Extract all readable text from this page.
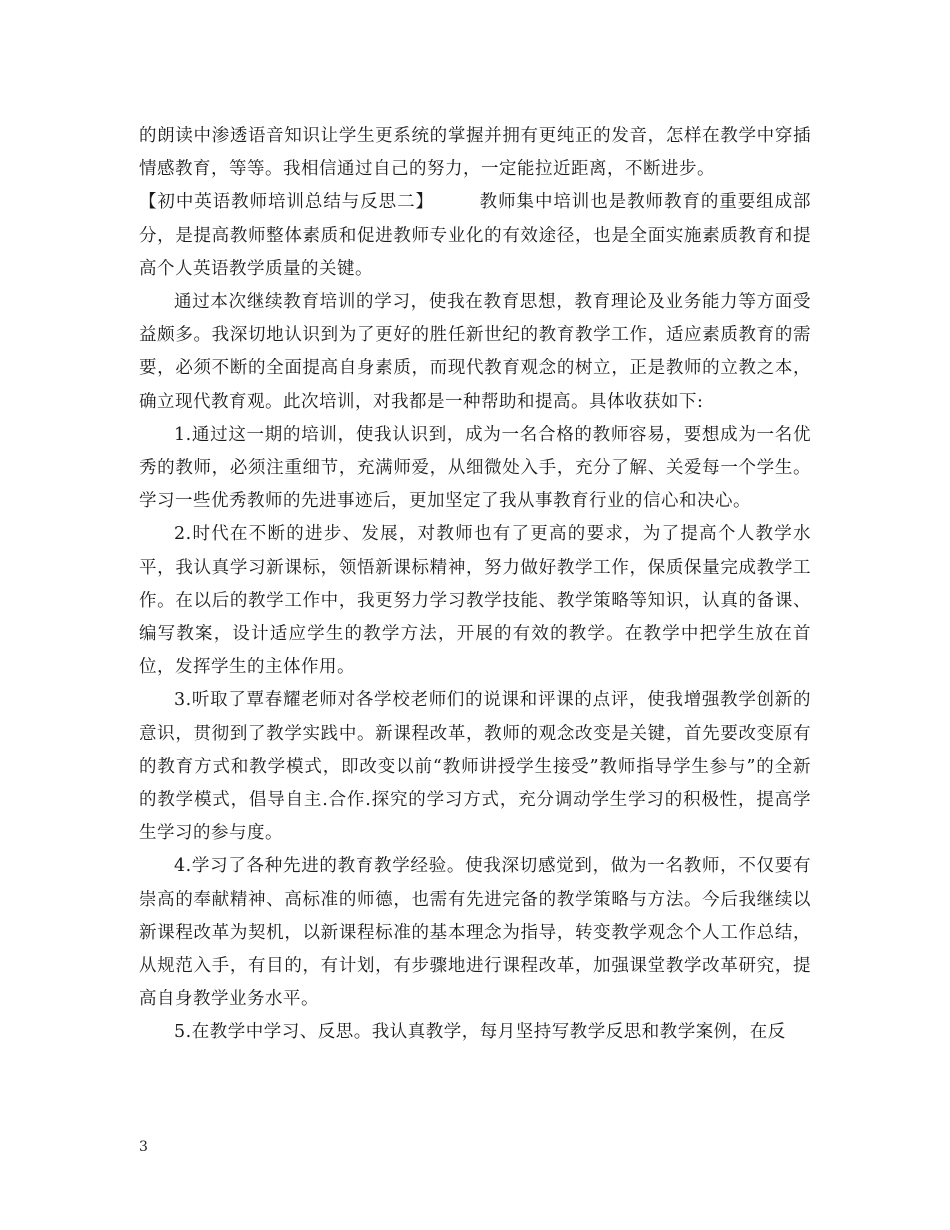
的朗读中渗透语音知识让学生更系统的掌握并拥有更纯正的发音，怎样在教学中穿插情感教育，等等。我相信通过自己的努力，一定能拉近距离，不断进步。

【初中英语教师培训总结与反思二】   	教师集中培训也是教师教育的重要组成部分，是提高教师整体素质和促进教师专业化的有效途径，也是全面实施素质教育和提高个人英语教学质量的关键。

通过本次继续教育培训的学习，使我在教育思想，教育理论及业务能力等方面受益颇多。我深切地认识到为了更好的胜任新世纪的教育教学工作，适应素质教育的需要，必须不断的全面提高自身素质，而现代教育观念的树立，正是教师的立教之本，确立现代教育观。此次培训，对我都是一种帮助和提高。具体收获如下:

1.通过这一期的培训，使我认识到，成为一名合格的教师容易，要想成为一名优秀的教师，必须注重细节，充满师爱，从细微处入手，充分了解、关爱每一个学生。学习一些优秀教师的先进事迹后，更加坚定了我从事教育行业的信心和决心。

2.时代在不断的进步、发展，对教师也有了更高的要求，为了提高个人教学水平，我认真学习新课标，领悟新课标精神，努力做好教学工作，保质保量完成教学工作。在以后的教学工作中，我更努力学习教学技能、教学策略等知识，认真的备课、编写教案，设计适应学生的教学方法，开展的有效的教学。在教学中把学生放在首位，发挥学生的主体作用。

3.听取了覃春耀老师对各学校老师们的说课和评课的点评，使我增强教学创新的意识，贯彻到了教学实践中。新课程改革，教师的观念改变是关键，首先要改变原有的教育方式和教学模式，即改变以前“教师讲授学生接受”教师指导学生参与”的全新的教学模式，倡导自主.合作.探究的学习方式，充分调动学生学习的积极性，提高学生学习的参与度。

4.学习了各种先进的教育教学经验。使我深切感觉到，做为一名教师，不仅要有崇高的奉献精神、高标准的师德，也需有先进完备的教学策略与方法。今后我继续以新课程改革为契机，以新课程标准的基本理念为指导，转变教学观念个人工作总结，从规范入手，有目的，有计划，有步骤地进行课程改革，加强课堂教学改革研究，提高自身教学业务水平。

5.在教学中学习、反思。我认真教学，每月坚持写教学反思和教学案例，在反

3
